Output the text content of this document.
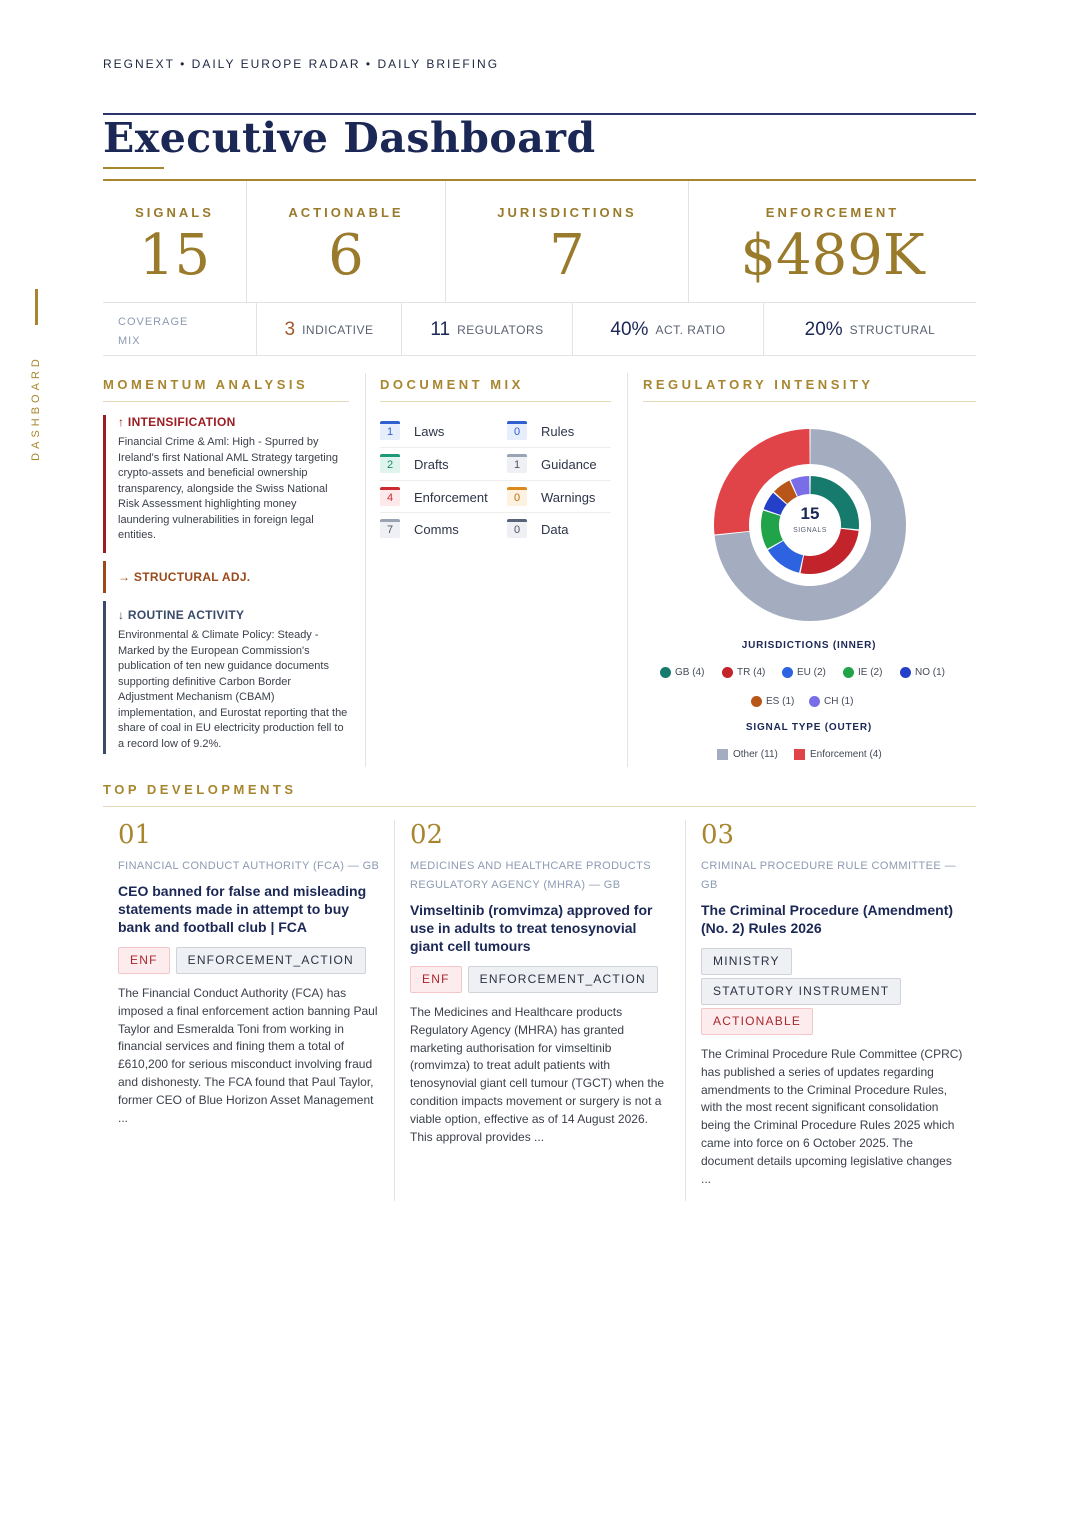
DASHBOARD
REGNEXT • DAILY EUROPE RADAR • DAILY BRIEFING
Executive Dashboard
SIGNALS
15
ACTIONABLE
6
JURISDICTIONS
7
ENFORCEMENT
$489K
COVERAGE MIX
3 INDICATIVE	11 REGULATORS	40% ACT. RATIO	20% STRUCTURAL
MOMENTUM ANALYSIS
↑ INTENSIFICATION
Financial Crime & Aml: High - Spurred by Ireland's first National AML Strategy targeting crypto-assets and beneficial ownership transparency, alongside the Swiss National Risk Assessment highlighting money laundering vulnerabilities in foreign legal entities.
→ STRUCTURAL ADJ.
↓ ROUTINE ACTIVITY
Environmental & Climate Policy: Steady - Marked by the European Commission's publication of ten new guidance documents supporting definitive Carbon Border Adjustment Mechanism (CBAM) implementation, and Eurostat reporting that the share of coal in EU electricity production fell to a record low of 9.2%.
DOCUMENT MIX
1	Laws	0	Rules
2	Drafts	1	Guidance
4	Enforcement	0	Warnings
7	Comms	0	Data
REGULATORY INTENSITY
15
SIGNALS
JURISDICTIONS (INNER)
GB (4)	TR (4)	EU (2)	IE (2)	NO (1)
ES (1)	CH (1)
SIGNAL TYPE (OUTER)
Other (11)	Enforcement (4)
TOP DEVELOPMENTS
01
FINANCIAL CONDUCT AUTHORITY (FCA) — GB
CEO banned for false and misleading statements made in attempt to buy bank and football club | FCA
ENF	ENFORCEMENT_ACTION
The Financial Conduct Authority (FCA) has imposed a final enforcement action banning Paul Taylor and Esmeralda Toni from working in financial services and fining them a total of £610,200 for serious misconduct involving fraud and dishonesty. The FCA found that Paul Taylor, former CEO of Blue Horizon Asset Management ...
02
MEDICINES AND HEALTHCARE PRODUCTS REGULATORY AGENCY (MHRA) — GB
Vimseltinib (romvimza) approved for use in adults to treat tenosynovial giant cell tumours
ENF	ENFORCEMENT_ACTION
The Medicines and Healthcare products Regulatory Agency (MHRA) has granted marketing authorisation for vimseltinib (romvimza) to treat adult patients with tenosynovial giant cell tumour (TGCT) when the condition impacts movement or surgery is not a viable option, effective as of 14 August 2026. This approval provides ...
03
CRIMINAL PROCEDURE RULE COMMITTEE — GB
The Criminal Procedure (Amendment) (No. 2) Rules 2026
MINISTRY
STATUTORY INSTRUMENT
ACTIONABLE
The Criminal Procedure Rule Committee (CPRC) has published a series of updates regarding amendments to the Criminal Procedure Rules, with the most recent significant consolidation being the Criminal Procedure Rules 2025 which came into force on 6 October 2025. The document details upcoming legislative changes ...
